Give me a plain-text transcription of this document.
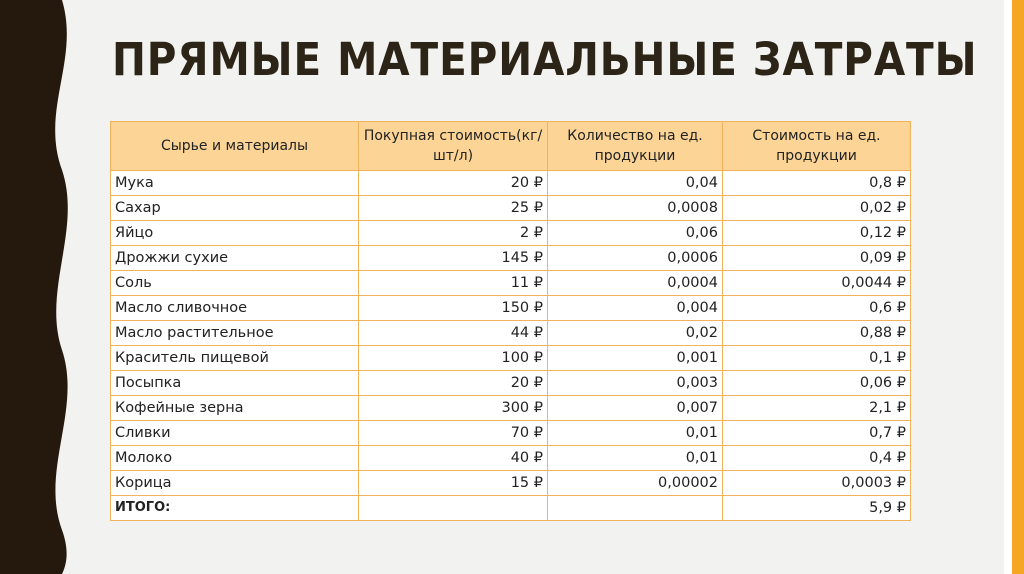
ПРЯМЫЕ МАТЕРИАЛЬНЫЕ ЗАТРАТЫ
Сырье и материалы	Покупная стоимость(кг/шт/л)	Количество на ед. продукции	Стоимость на ед. продукции
Мука	20 ₽	0,04	0,8 ₽
Сахар	25 ₽	0,0008	0,02 ₽
Яйцо	2 ₽	0,06	0,12 ₽
Дрожжи сухие	145 ₽	0,0006	0,09 ₽
Соль	11 ₽	0,0004	0,0044 ₽
Масло сливочное	150 ₽	0,004	0,6 ₽
Масло растительное	44 ₽	0,02	0,88 ₽
Краситель пищевой	100 ₽	0,001	0,1 ₽
Посыпка	20 ₽	0,003	0,06 ₽
Кофейные зерна	300 ₽	0,007	2,1 ₽
Сливки	70 ₽	0,01	0,7 ₽
Молоко	40 ₽	0,01	0,4 ₽
Корица	15 ₽	0,00002	0,0003 ₽
ИТОГО:			5,9 ₽
